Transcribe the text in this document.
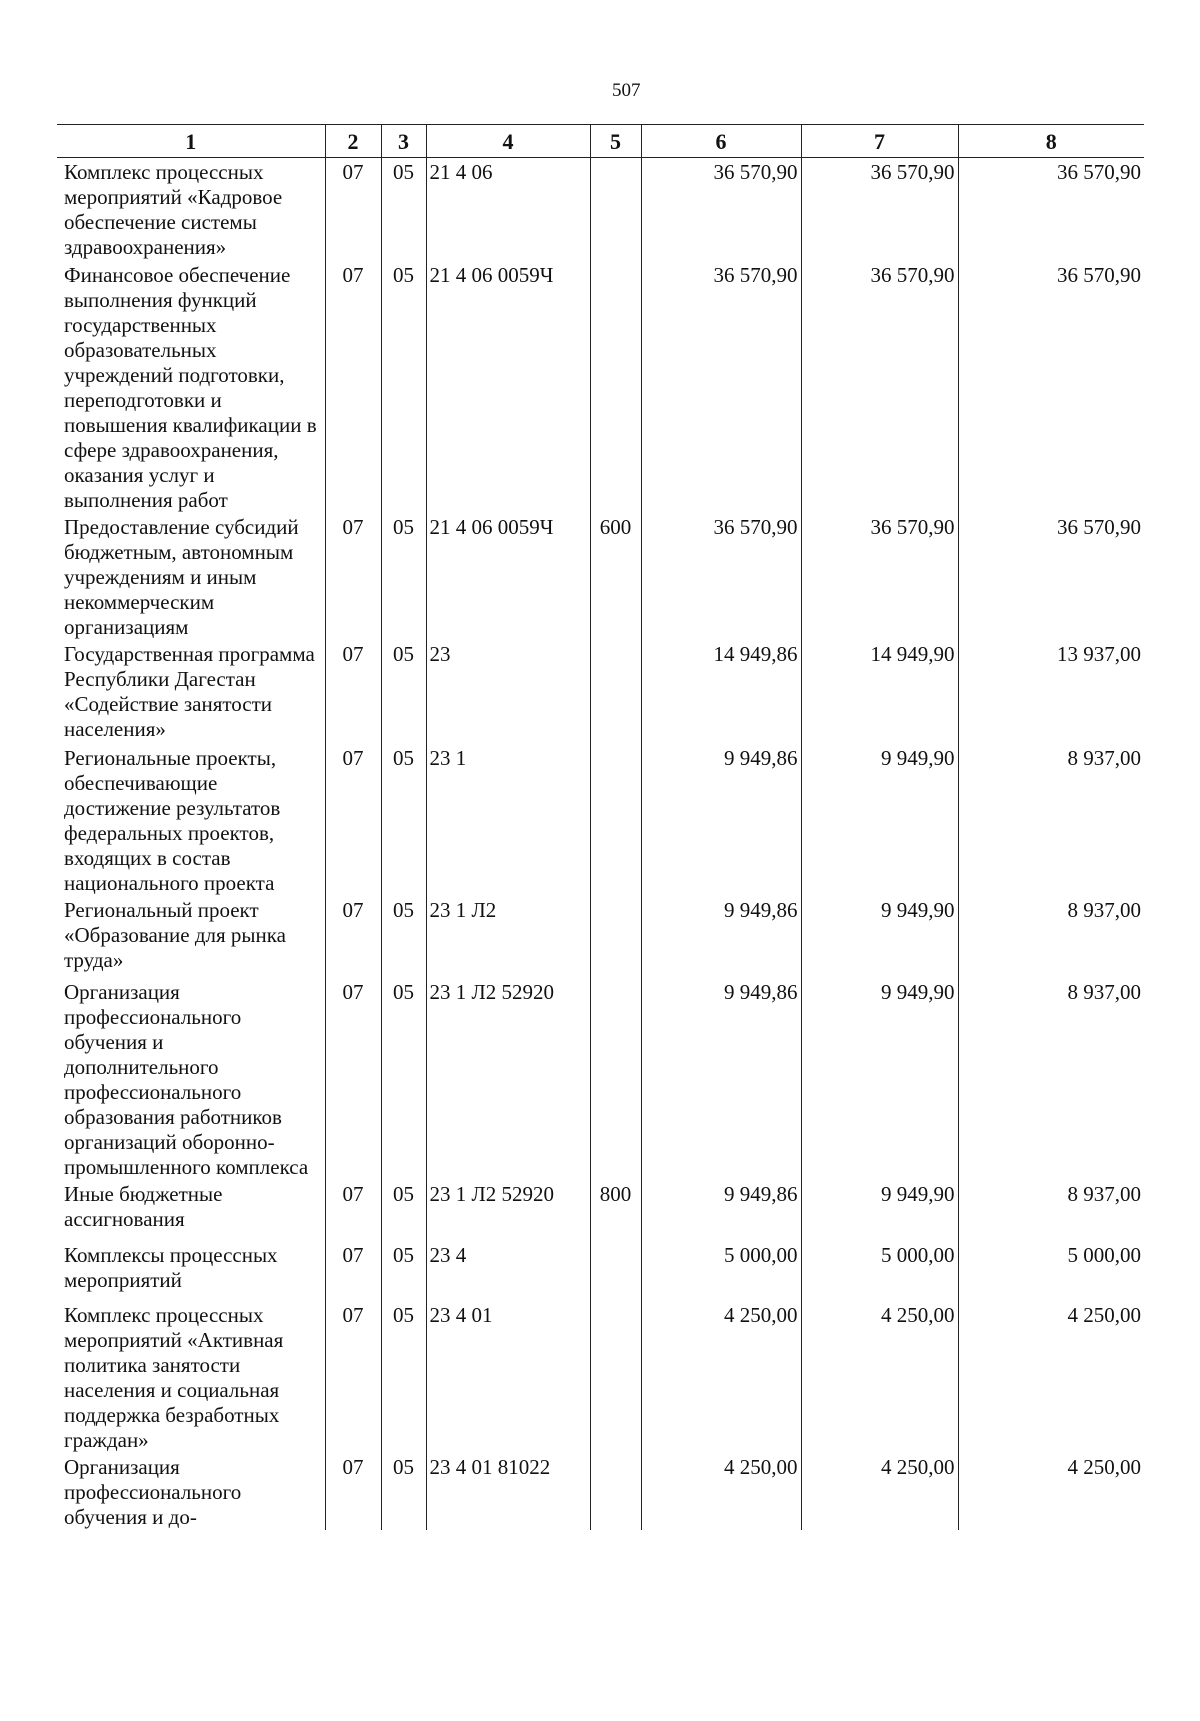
507
1	2	3	4	5	6	7	8
Комплекс процессных мероприятий «Кадровое обеспечение системы здравоохранения»	07	05	21 4 06		36 570,90	36 570,90	36 570,90
Финансовое обеспечение выполнения функций государственных образовательных учреждений подготовки, переподготовки и повышения квалификации в сфере здравоохранения, оказания услуг и выполнения работ	07	05	21 4 06 0059Ч		36 570,90	36 570,90	36 570,90
Предоставление субсидий бюджетным, автономным учреждениям и иным некоммерческим организациям	07	05	21 4 06 0059Ч	600	36 570,90	36 570,90	36 570,90
Государственная программа Республики Дагестан «Содействие занятости населения»	07	05	23		14 949,86	14 949,90	13 937,00
Региональные проекты, обеспечивающие достижение результатов федеральных проектов, входящих в состав национального проекта	07	05	23 1		9 949,86	9 949,90	8 937,00
Региональный проект «Образование для рынка труда»	07	05	23 1 Л2		9 949,86	9 949,90	8 937,00
Организация профессионального обучения и дополнительного профессионального образования работников организаций оборонно-промышленного комплекса	07	05	23 1 Л2 52920		9 949,86	9 949,90	8 937,00
Иные бюджетные ассигнования	07	05	23 1 Л2 52920	800	9 949,86	9 949,90	8 937,00
Комплексы процессных мероприятий	07	05	23 4		5 000,00	5 000,00	5 000,00
Комплекс процессных мероприятий «Активная политика занятости населения и социальная поддержка безработных граждан»	07	05	23 4 01		4 250,00	4 250,00	4 250,00
Организация профессионального обучения и до-	07	05	23 4 01 81022		4 250,00	4 250,00	4 250,00
